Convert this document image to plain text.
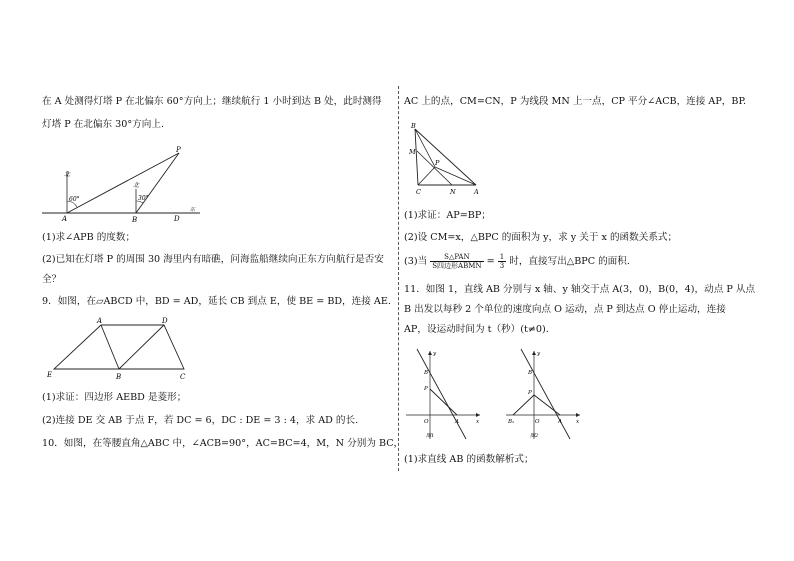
在 A 处测得灯塔 P 在北偏东 60°方向上；继续航行 1 小时到达 B 处，此时测得
灯塔 P 在北偏东 30°方向上.
北
北
60°	30°
A	B	D
P
东
(1)求∠APB 的度数；
(2)已知在灯塔 P 的周围 30 海里内有暗礁，问海监船继续向正东方向航行是否安
全？
9．如图，在▱ABCD 中，BD = AD，延长 CB 到点 E，使 BE = BD，连接 AE.
A	D
E	B	C
(1)求证：四边形 AEBD 是菱形；
(2)连接 DE 交 AB 于点 F，若 DC = 6，DC : DE = 3 : 4，求 AD 的长.
10．如图，在等腰直角△ABC 中，∠ACB=90°，AC=BC=4，M，N 分别为 BC，
AC 上的点，CM=CN，P 为线段 MN 上一点，CP 平分∠ACB，连接 AP，BP.
B
M
P
C	N	A
(1)求证：AP=BP；
(2)设 CM=x，△BPC 的面积为 y，求 y 关于 x 的函数关系式；
(3)当 $\frac{\text{S△PAN}}{\text{S四边形ABMN}} = \frac{1}{3}$ 时，直接写出△BPC 的面积.
11．如图 1，直线 AB 分别与 x 轴、y 轴交于点 A(3，0)，B(0，4)，动点 P 从点
B 出发以每秒 2 个单位的速度向点 O 运动，点 P 到达点 O 停止运动，连接
AP，设运动时间为 t（秒）(t≠0).
y
x
B
P
O	A
图1
y
x
B
P
O	A
B₁
图2
(1)求直线 AB 的函数解析式；
